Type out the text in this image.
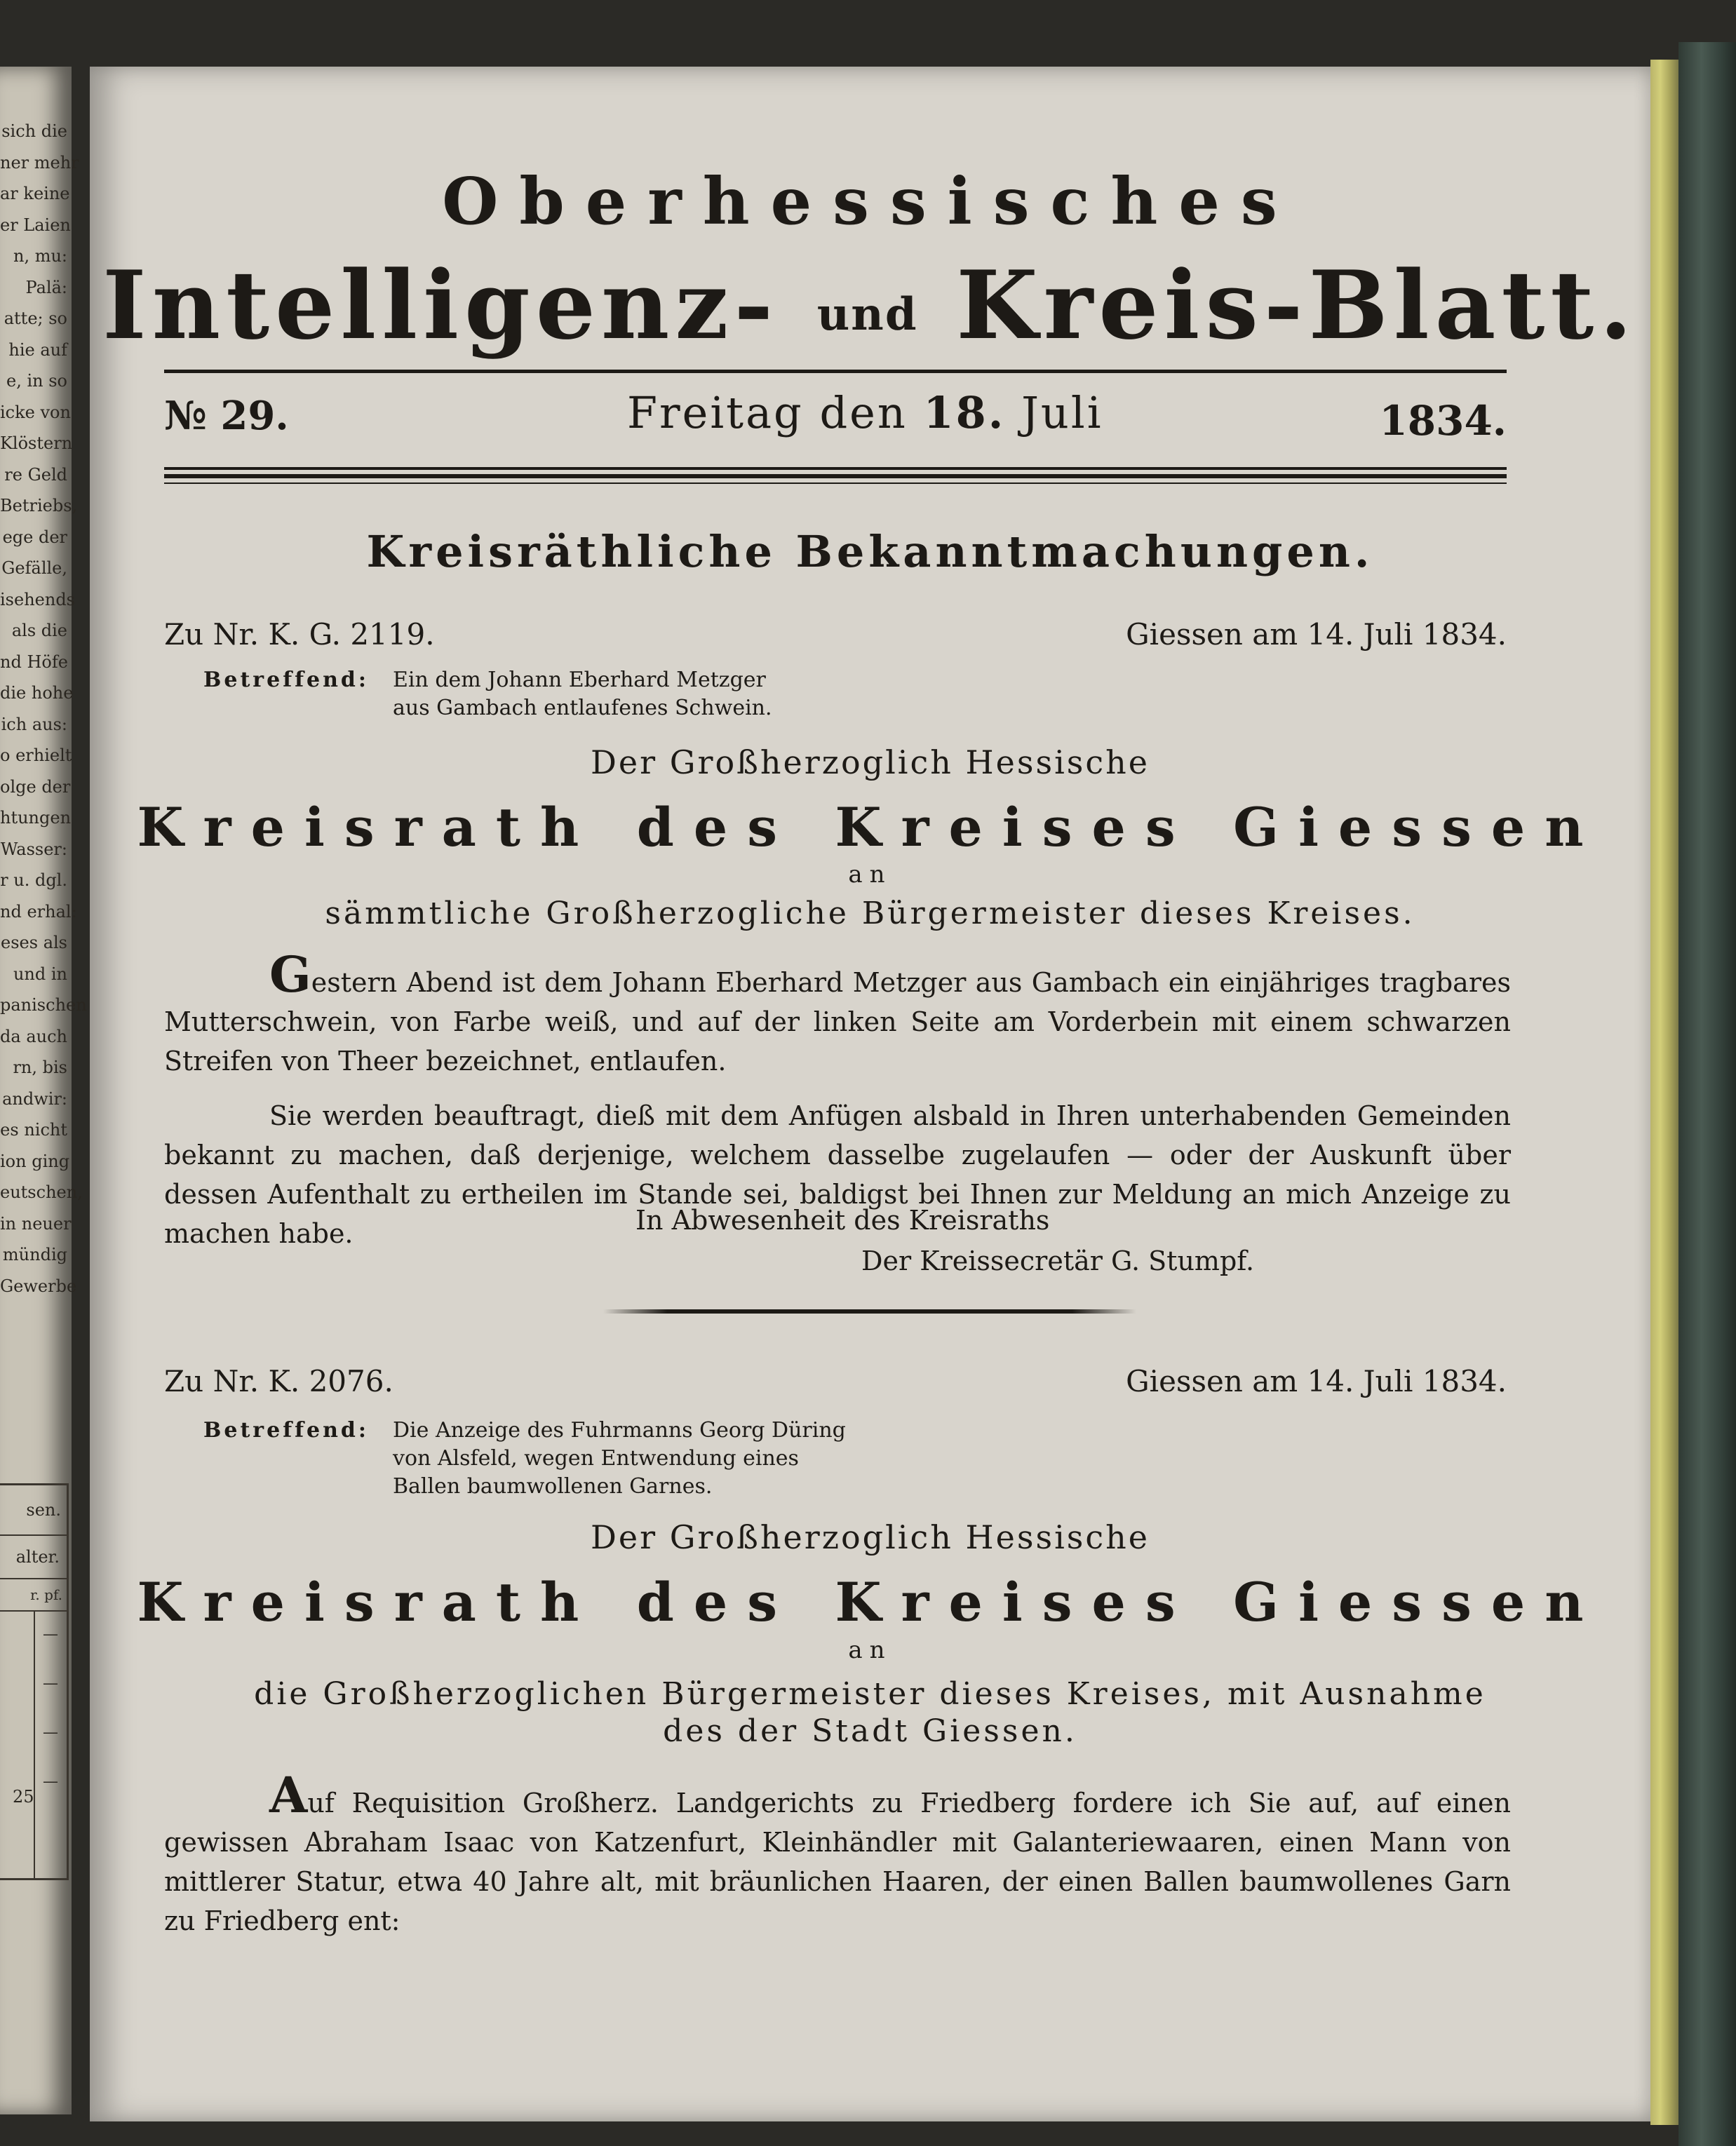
sich die
ner mehr
ar keine
er Laien
n, mu:
Palä:
atte; so
hie auf
e, in so
icke von
Klöstern
re Geld
Betriebs,
ege der
Gefälle,
isehends
als die
nd Höfe
die hohe
ich aus:
o erhielt
olge der
htungen
Wasser:
r u. dgl.
nd erhal:
eses als
und in
panischen
da auch
rn, bis
andwir:
es nicht
ion ging
eutschen,
in neuer
mündig
Gewerbe
sen.
alter.
r. pf.
—
—
—
—
25
Oberhessisches
Intelligenz- und Kreis-Blatt.
№ 29.	Freitag den 18. Juli	1834.
Kreisräthliche Bekanntmachungen.
Zu Nr. K. G. 2119.	Giessen am 14. Juli 1834.
Betreffend: Ein dem Johann Eberhard Metzger
aus Gambach entlaufenes Schwein.
Der Großherzoglich Hessische
Kreisrath des Kreises Giessen
an
sämmtliche Großherzogliche Bürgermeister dieses Kreises.

Gestern Abend ist dem Johann Eberhard Metzger aus Gambach ein einjähriges tragbares Mutterschwein, von Farbe weiß, und auf der linken Seite am Vorderbein mit einem schwarzen Streifen von Theer bezeichnet, entlaufen.

Sie werden beauftragt, dieß mit dem Anfügen alsbald in Ihren unterhabenden Gemeinden bekannt zu machen, daß derjenige, welchem dasselbe zugelaufen — oder der Auskunft über dessen Aufenthalt zu ertheilen im Stande sei, baldigst bei Ihnen zur Meldung an mich Anzeige zu machen habe.	In Abwesenheit des Kreisraths
Der Kreissecretär G. Stumpf.
Zu Nr. K. 2076.	Giessen am 14. Juli 1834.
Betreffend: Die Anzeige des Fuhrmanns Georg Düring
von Alsfeld, wegen Entwendung eines
Ballen baumwollenen Garnes.
Der Großherzoglich Hessische
Kreisrath des Kreises Giessen
an
die Großherzoglichen Bürgermeister dieses Kreises, mit Ausnahme
des der Stadt Giessen.

Auf Requisition Großherz. Landgerichts zu Friedberg fordere ich Sie auf, auf einen gewissen Abraham Isaac von Katzenfurt, Kleinhändler mit Galanteriewaaren, einen Mann von mittlerer Statur, etwa 40 Jahre alt, mit bräunlichen Haaren, der einen Ballen baumwollenes Garn zu Friedberg ent:
